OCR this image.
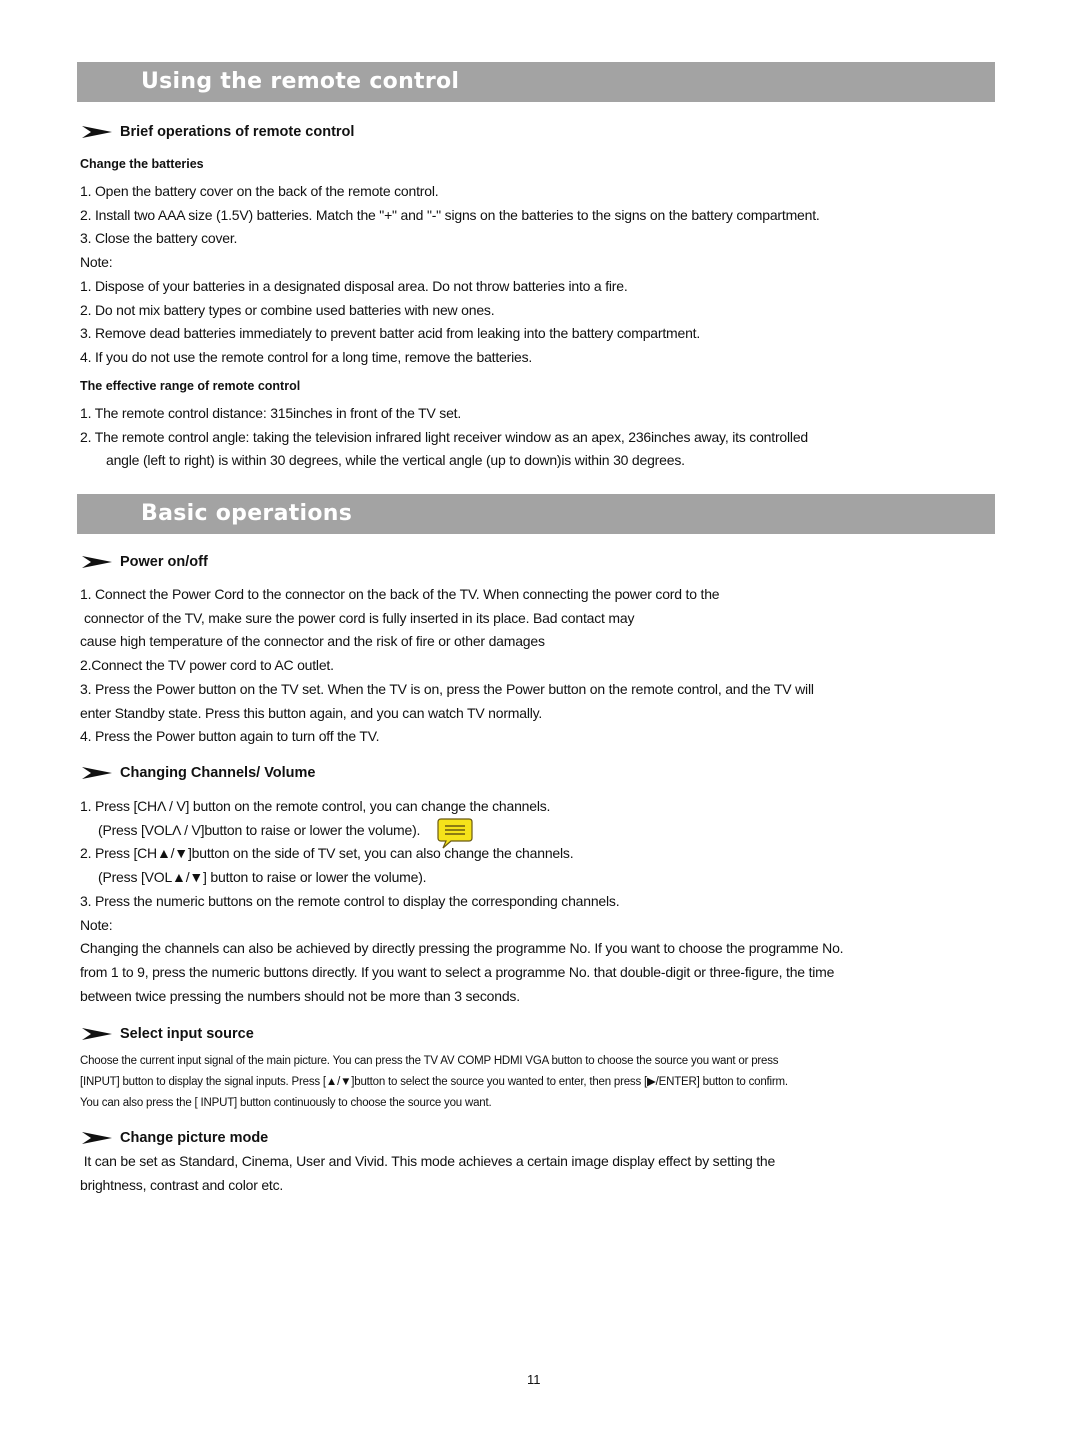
Using the remote control
Brief operations of remote control
Change the batteries
1. Open the battery cover on the back of the remote control.
2. Install two AAA size (1.5V) batteries. Match the "+" and "-" signs on the batteries to the signs on the battery compartment.
3. Close the battery cover.
Note:
1. Dispose of your batteries in a designated disposal area. Do not throw batteries into a fire.
2. Do not mix battery types or combine used batteries with new ones.
3. Remove dead batteries immediately to prevent batter acid from leaking into the battery compartment.
4. If you do not use the remote control for a long time, remove the batteries.
The effective range of remote control
1. The remote control distance: 315inches in front of the TV set.
2. The remote control angle: taking the television infrared light receiver window as an apex, 236inches away, its controlled
angle (left to right) is within 30 degrees, while the vertical angle (up to down)is within 30 degrees.
Basic operations
Power on/off
1. Connect the Power Cord to the connector on the back of the TV. When connecting the power cord to the
connector of the TV, make sure the power cord is fully inserted in its place. Bad contact may
cause high temperature of the connector and the risk of fire or other damages
2.Connect the TV power cord to AC outlet.
3. Press the Power button on the TV set. When the TV is on, press the Power button on the remote control, and the TV will
enter Standby state. Press this button again, and you can watch TV normally.
4. Press the Power button again to turn off the TV.
Changing Channels/ Volume
1. Press [CHΛ / V] button on the remote control, you can change the channels.
(Press [VOLΛ / V]button to raise or lower the volume).
2. Press [CH▲/▼]button on the side of TV set, you can also change the channels.
(Press [VOL▲/▼] button to raise or lower the volume).
3. Press the numeric buttons on the remote control to display the corresponding channels.
Note:
Changing the channels can also be achieved by directly pressing the programme No. If you want to choose the programme No.
from 1 to 9, press the numeric buttons directly. If you want to select a programme No. that double-digit or three-figure, the time
between twice pressing the numbers should not be more than 3 seconds.
Select input source
Choose the current input signal of the main picture. You can press the TV AV COMP HDMI VGA button to choose the source you want or press
[INPUT] button to display the signal inputs. Press [▲/▼]button to select the source you wanted to enter, then press [▶/ENTER] button to confirm.
You can also press the [ INPUT] button continuously to choose the source you want.
Change picture mode
It can be set as Standard, Cinema, User and Vivid. This mode achieves a certain image display effect by setting the
brightness, contrast and color etc.
11
